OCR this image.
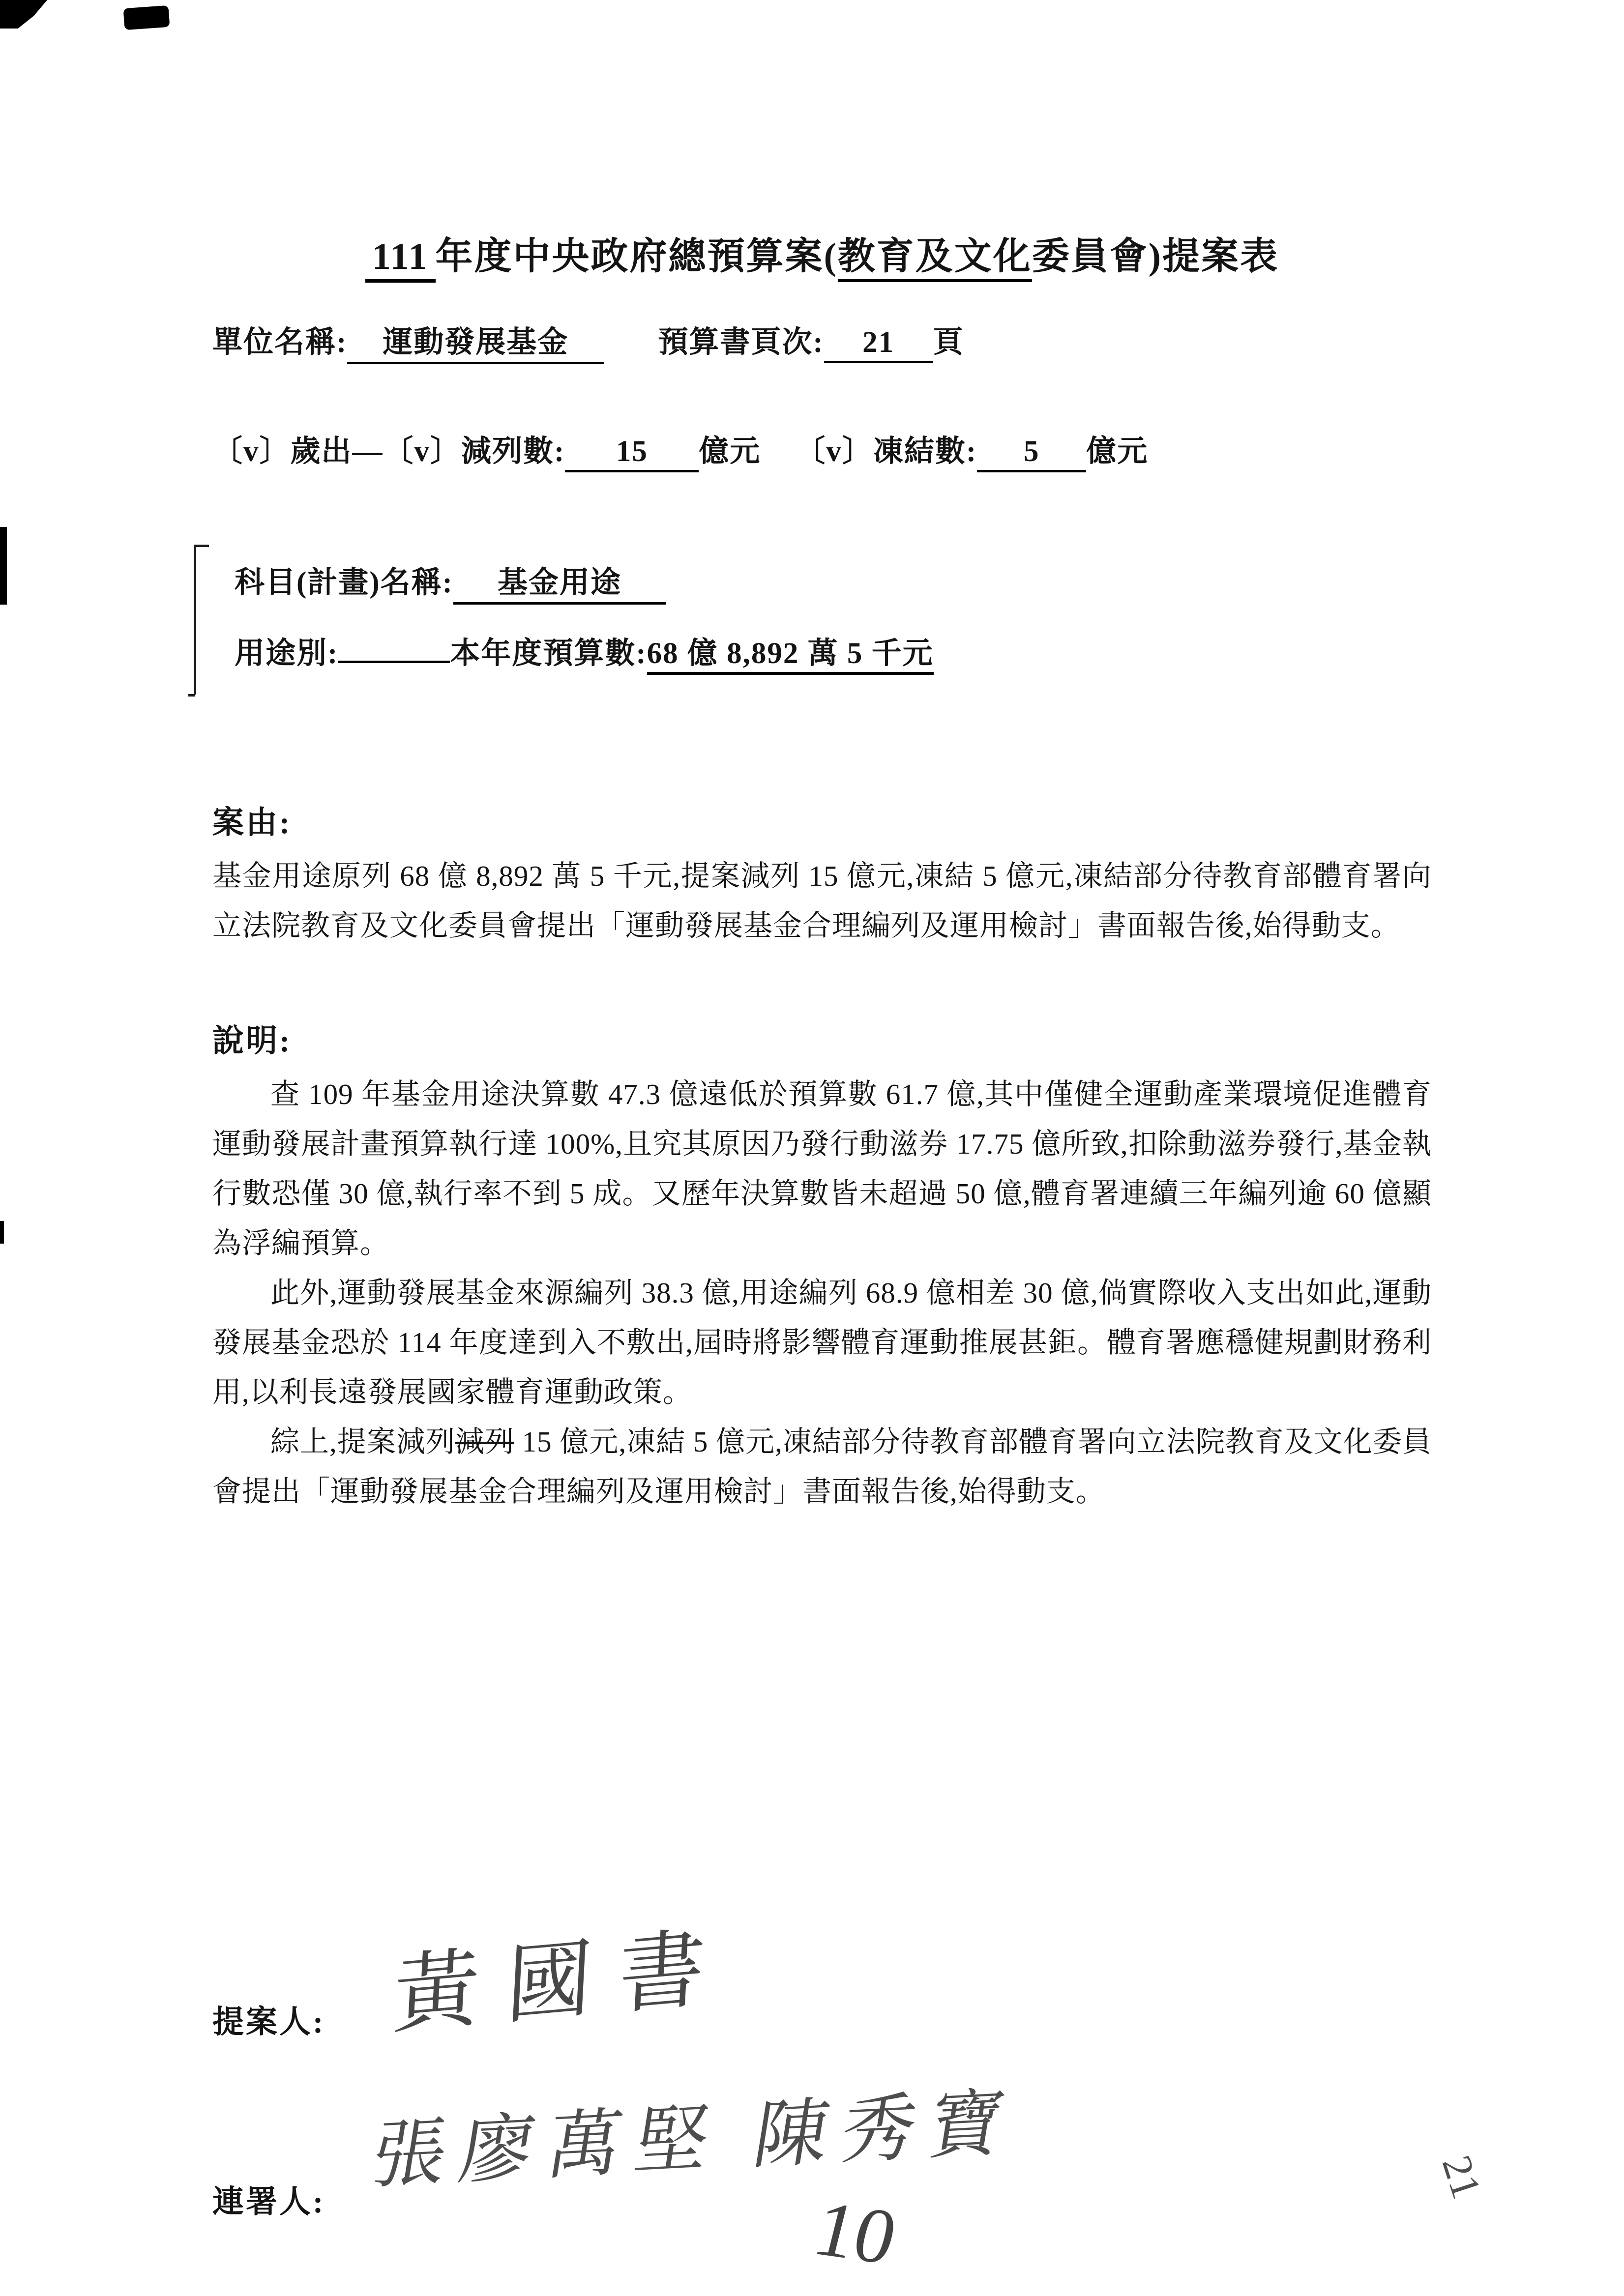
111 年度中央政府總預算案(教育及文化委員會)提案表
單位名稱: 運動發展基金	預算書頁次: 21 頁
〔v〕歲出—〔v〕減列數: 15 億元 〔v〕凍結數: 5 億元
科目(計畫)名稱: 基金用途
用途別:	本年度預算數:68 億 8,892 萬 5 千元
案由:
基金用途原列 68 億 8,892 萬 5 千元,提案減列 15 億元,凍結 5 億元,凍結部分待教育部體育署向立法院教育及文化委員會提出「運動發展基金合理編列及運用檢討」書面報告後,始得動支。
說明:

查 109 年基金用途決算數 47.3 億遠低於預算數 61.7 億,其中僅健全運動產業環境促進體育運動發展計畫預算執行達 100%,且究其原因乃發行動滋券 17.75 億所致,扣除動滋券發行,基金執行數恐僅 30 億,執行率不到 5 成。又歷年決算數皆未超過 50 億,體育署連續三年編列逾 60 億顯為浮編預算。

此外,運動發展基金來源編列 38.3 億,用途編列 68.9 億相差 30 億,倘實際收入支出如此,運動發展基金恐於 114 年度達到入不敷出,屆時將影響體育運動推展甚鉅。體育署應穩健規劃財務利用,以利長遠發展國家體育運動政策。

綜上,提案減列減列 15 億元,凍結 5 億元,凍結部分待教育部體育署向立法院教育及文化委員會提出「運動發展基金合理編列及運用檢討」書面報告後,始得動支。

提案人: 黃國書
連署人:
張廖萬堅 陳秀寶
10
21
